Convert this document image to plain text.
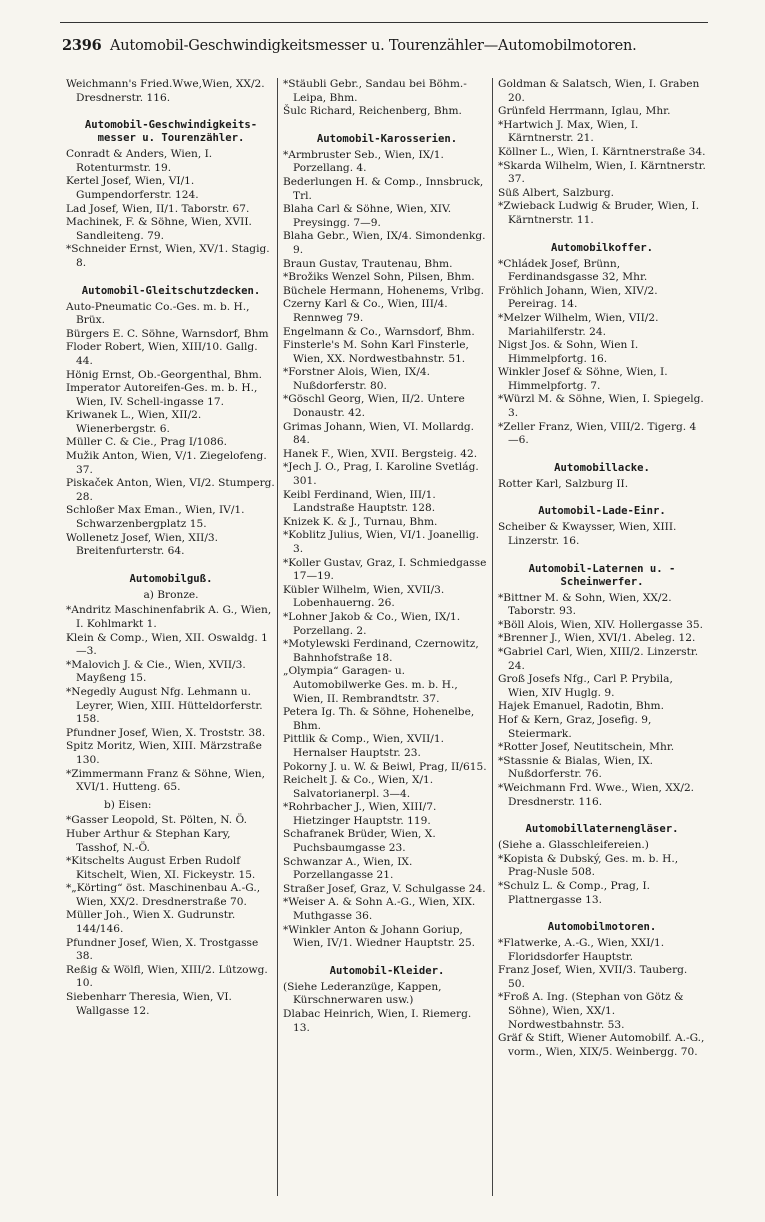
2396 Automobil-Geschwindigkeitsmesser u. Tourenzähler—Automobilmotoren.

Weichmann's Fried.Wwe,Wien, XX/2. Dresdnerstr. 116.

Automobil-Geschwindigkeits-messer u. Tourenzähler.

Conradt & Anders, Wien, I. Rotenturmstr. 19.

Kertel Josef, Wien, VI/1. Gumpendorferstr. 124.

Lad Josef, Wien, II/1. Taborstr. 67.

Machinek, F. & Söhne, Wien, XVII. Sandleiteng. 79.

*Schneider Ernst, Wien, XV/1. Stagig. 8.

Automobil-Gleitschutzdecken.

Auto-Pneumatic Co.-Ges. m. b. H., Brüx.

Bürgers E. C. Söhne, Warnsdorf, Bhm

Floder Robert, Wien, XIII/10. Gallg. 44.

Hönig Ernst, Ob.-Georgenthal, Bhm.

Imperator Autoreifen-Ges. m. b. H., Wien, IV. Schell-ingasse 17.

Kriwanek L., Wien, XII/2. Wienerbergstr. 6.

Müller C. & Cie., Prag I/1086.

Mužik Anton, Wien, V/1. Ziegelofeng. 37.

Piskaček Anton, Wien, VI/2. Stumperg. 28.

Schloßer Max Eman., Wien, IV/1. Schwarzenbergplatz 15.

Wollenetz Josef, Wien, XII/3. Breitenfurterstr. 64.

Automobilguß.
a) Bronze.

*Andritz Maschinenfabrik A. G., Wien, I. Kohlmarkt 1.

Klein & Comp., Wien, XII. Oswaldg. 1—3.

*Malovich J. & Cie., Wien, XVII/3. Mayßeng 15.

*Negedly August Nfg. Lehmann u. Leyrer, Wien, XIII. Hütteldorferstr. 158.

Pfundner Josef, Wien, X. Troststr. 38.

Spitz Moritz, Wien, XIII. Märzstraße 130.

*Zimmermann Franz & Söhne, Wien, XVI/1. Hutteng. 65.

b) Eisen:

*Gasser Leopold, St. Pölten, N. Ö.

Huber Arthur & Stephan Kary, Tasshof, N.-Ö.

*Kitschelts August Erben Rudolf Kitschelt, Wien, XI. Fickeystr. 15.

*„Körting“ öst. Maschinenbau A.-G., Wien, XX/2. Dresdnerstraße 70.

Müller Joh., Wien X. Gudrunstr. 144/146.

Pfundner Josef, Wien, X. Trostgasse 38.

Reßig & Wölfl, Wien, XIII/2. Lützowg. 10.

Siebenharr Theresia, Wien, VI. Wallgasse 12.

*Stäubli Gebr., Sandau bei Böhm.-Leipa, Bhm.

Šulc Richard, Reichenberg, Bhm.

Automobil-Karosserien.

*Armbruster Seb., Wien, IX/1. Porzellang. 4.

Bederlungen H. & Comp., Innsbruck, Trl.

Blaha Carl & Söhne, Wien, XIV. Preysingg. 7—9.

Blaha Gebr., Wien, IX/4. Simondenkg. 9.

Braun Gustav, Trautenau, Bhm.

*Brožiks Wenzel Sohn, Pilsen, Bhm.

Büchele Hermann, Hohenems, Vrlbg.

Czerny Karl & Co., Wien, III/4. Rennweg 79.

Engelmann & Co., Warnsdorf, Bhm.

Finsterle's M. Sohn Karl Finsterle, Wien, XX. Nordwestbahnstr. 51.

*Forstner Alois, Wien, IX/4. Nußdorferstr. 80.

*Göschl Georg, Wien, II/2. Untere Donaustr. 42.

Grimas Johann, Wien, VI. Mollardg. 84.

Hanek F., Wien, XVII. Bergsteig. 42.

*Jech J. O., Prag, I. Karoline Svetlág. 301.

Keibl Ferdinand, Wien, III/1. Landstraße Hauptstr. 128.

Knizek K. & J., Turnau, Bhm.

*Koblitz Julius, Wien, VI/1. Joanellig. 3.

*Koller Gustav, Graz, I. Schmiedgasse 17—19.

Kübler Wilhelm, Wien, XVII/3. Lobenhauerng. 26.

*Lohner Jakob & Co., Wien, IX/1. Porzellang. 2.

*Motylewski Ferdinand, Czernowitz, Bahnhofstraße 18.

„Olympia“ Garagen- u. Automobilwerke Ges. m. b. H., Wien, II. Rembrandtstr. 37.

Petera Ig. Th. & Söhne, Hohenelbe, Bhm.

Pittlik & Comp., Wien, XVII/1. Hernalser Hauptstr. 23.

Pokorny J. u. W. & Beiwl, Prag, II/615.

Reichelt J. & Co., Wien, X/1. Salvatorianerpl. 3—4.

*Rohrbacher J., Wien, XIII/7. Hietzinger Hauptstr. 119.

Schafranek Brüder, Wien, X. Puchsbaumgasse 23.

Schwanzar A., Wien, IX. Porzellangasse 21.

Straßer Josef, Graz, V. Schulgasse 24.

*Weiser A. & Sohn A.-G., Wien, XIX. Muthgasse 36.

*Winkler Anton & Johann Goriup, Wien, IV/1. Wiedner Hauptstr. 25.

Automobil-Kleider.

(Siehe Lederanzüge, Kappen, Kürschnerwaren usw.)

Dlabac Heinrich, Wien, I. Riemerg. 13.

Goldman & Salatsch, Wien, I. Graben 20.

Grünfeld Herrmann, Iglau, Mhr.

*Hartwich J. Max, Wien, I. Kärntnerstr. 21.

Köllner L., Wien, I. Kärntnerstraße 34.

*Skarda Wilhelm, Wien, I. Kärntnerstr. 37.

Süß Albert, Salzburg.

*Zwieback Ludwig & Bruder, Wien, I. Kärntnerstr. 11.

Automobilkoffer.

*Chládek Josef, Brünn, Ferdinandsgasse 32, Mhr.

Fröhlich Johann, Wien, XIV/2. Pereirag. 14.

*Melzer Wilhelm, Wien, VII/2. Mariahilferstr. 24.

Nigst Jos. & Sohn, Wien I. Himmelpfortg. 16.

Winkler Josef & Söhne, Wien, I. Himmelpfortg. 7.

*Würzl M. & Söhne, Wien, I. Spiegelg. 3.

*Zeller Franz, Wien, VIII/2. Tigerg. 4—6.

Automobillacke.

Rotter Karl, Salzburg II.

Automobil-Lade-Einr.

Scheiber & Kwaysser, Wien, XIII. Linzerstr. 16.

Automobil-Laternen u. -Scheinwerfer.

*Bittner M. & Sohn, Wien, XX/2. Taborstr. 93.

*Böll Alois, Wien, XIV. Hollergasse 35.

*Brenner J., Wien, XVI/1. Abeleg. 12.

*Gabriel Carl, Wien, XIII/2. Linzerstr. 24.

Groß Josefs Nfg., Carl P. Prybila, Wien, XIV Huglg. 9.

Hajek Emanuel, Radotin, Bhm.

Hof & Kern, Graz, Josefig. 9, Steiermark.

*Rotter Josef, Neutitschein, Mhr.

*Stassnie & Bialas, Wien, IX. Nußdorferstr. 76.

*Weichmann Frd. Wwe., Wien, XX/2. Dresdnerstr. 116.

Automobillaternengläser.

(Siehe a. Glasschleifereien.)

*Kopista & Dubský, Ges. m. b. H., Prag-Nusle 508.

*Schulz L. & Comp., Prag, I. Plattnergasse 13.

Automobilmotoren.

*Flatwerke, A.-G., Wien, XXI/1. Floridsdorfer Hauptstr.

Franz Josef, Wien, XVII/3. Tauberg. 50.

*Froß A. Ing. (Stephan von Götz & Söhne), Wien, XX/1. Nordwestbahnstr. 53.

Gräf & Stift, Wiener Automobilf. A.-G., vorm., Wien, XIX/5. Weinbergg. 70.
